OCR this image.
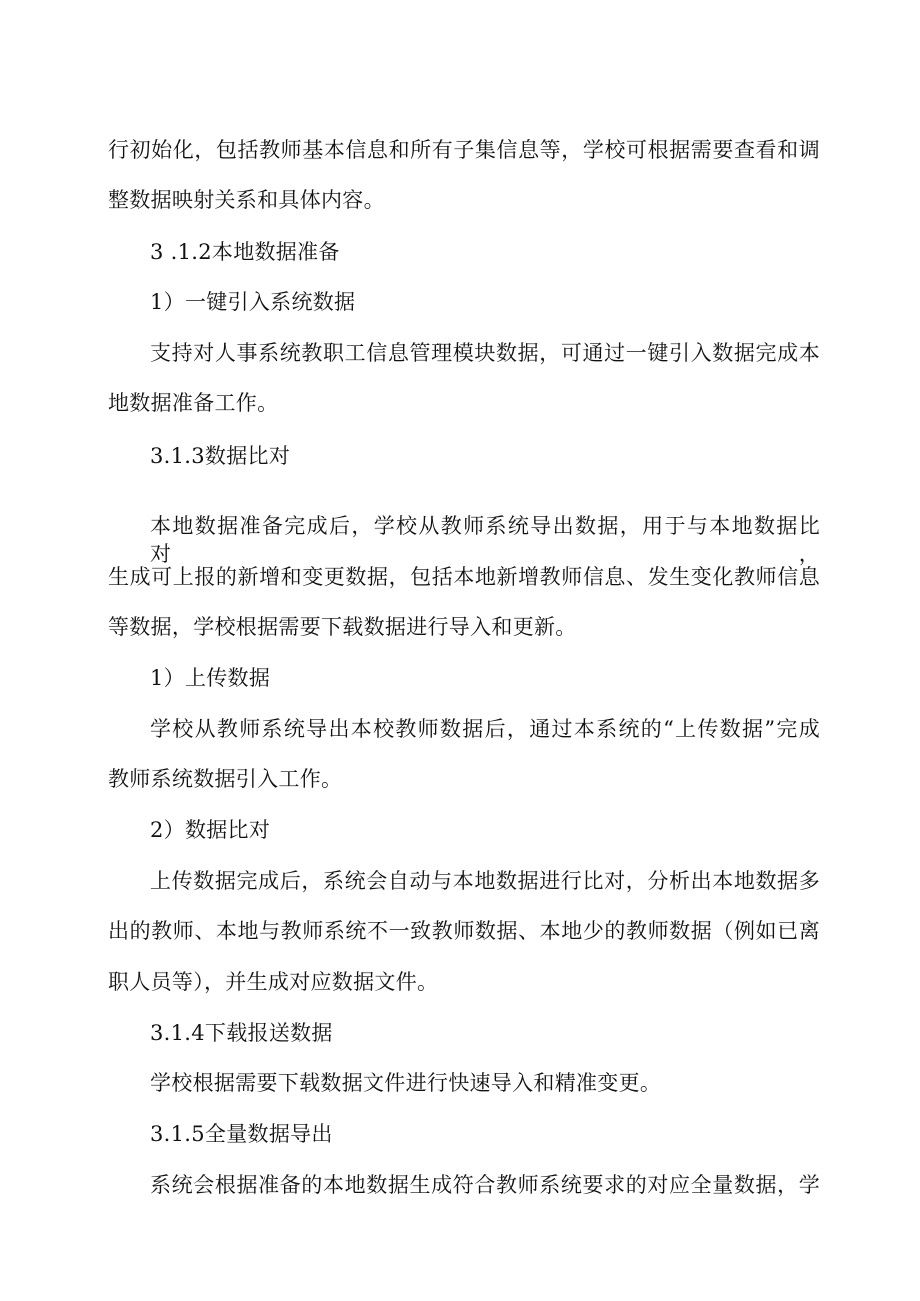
行初始化，包括教师基本信息和所有子集信息等，学校可根据需要查看和调
整数据映射关系和具体内容。
3 .1.2本地数据准备
1）一键引入系统数据
支持对人事系统教职工信息管理模块数据，可通过一键引入数据完成本
地数据准备工作。
3.1.3数据比对
本地数据准备完成后，学校从教师系统导出数据，用于与本地数据比对，
生成可上报的新增和变更数据，包括本地新增教师信息、发生变化教师信息
等数据，学校根据需要下载数据进行导入和更新。
1）上传数据
学校从教师系统导出本校教师数据后，通过本系统的“上传数据”完成
教师系统数据引入工作。
2）数据比对
上传数据完成后，系统会自动与本地数据进行比对，分析出本地数据多
出的教师、本地与教师系统不一致教师数据、本地少的教师数据（例如已离
职人员等），并生成对应数据文件。
3.1.4下载报送数据
学校根据需要下载数据文件进行快速导入和精准变更。
3.1.5全量数据导出
系统会根据准备的本地数据生成符合教师系统要求的对应全量数据，学
